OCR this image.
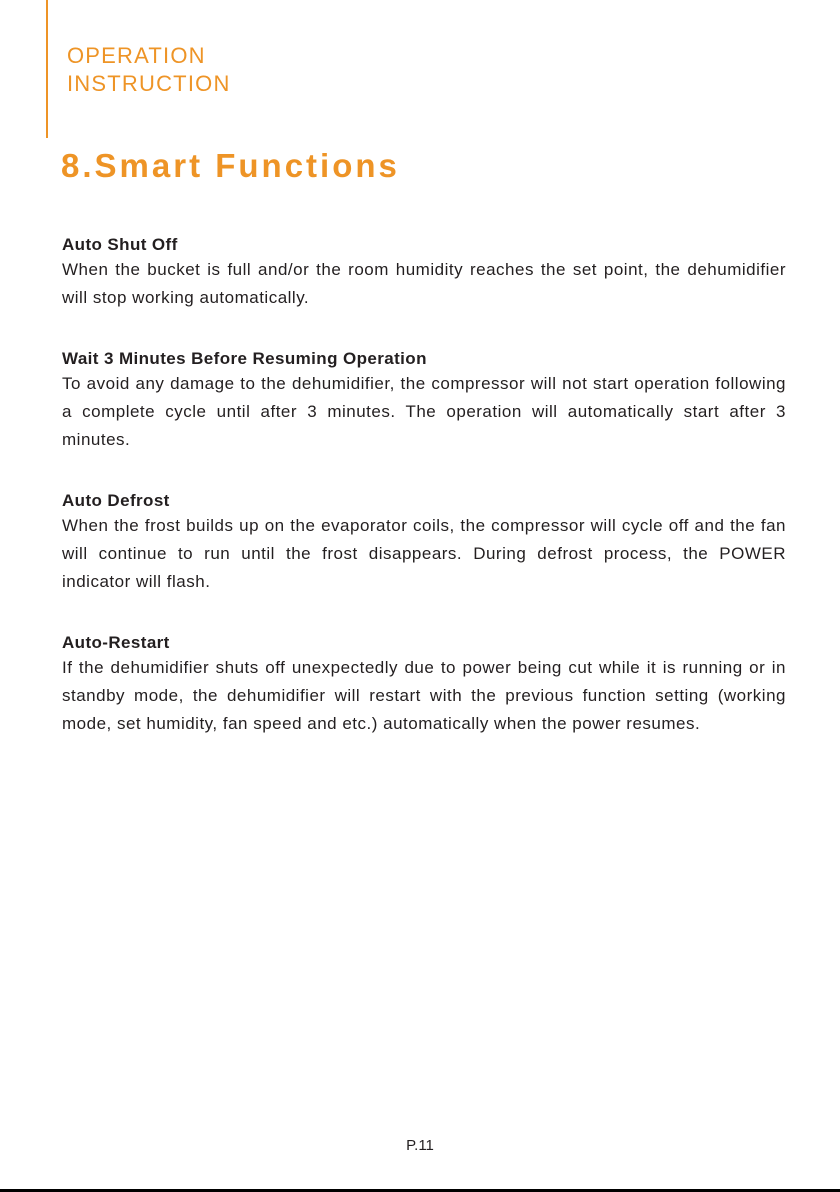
OPERATION
INSTRUCTION
8.Smart Functions
Auto Shut Off

When the bucket is full and/or the room humidity reaches the set point, the dehumidifier will stop working automatically.

Wait 3 Minutes Before Resuming Operation

To avoid any damage to the dehumidifier, the compressor will not start operation following a complete cycle until after 3 minutes. The operation will automatically start after 3 minutes.

Auto Defrost

When the frost builds up on the evaporator coils, the compressor will cycle off and the fan will continue to run until the frost disappears. During defrost process, the POWER indicator will flash.

Auto-Restart

If the dehumidifier shuts off unexpectedly due to power being cut while it is running or in standby mode, the dehumidifier will restart with the previous function setting (working mode, set humidity, fan speed and etc.) automatically when the power resumes.

P.11
